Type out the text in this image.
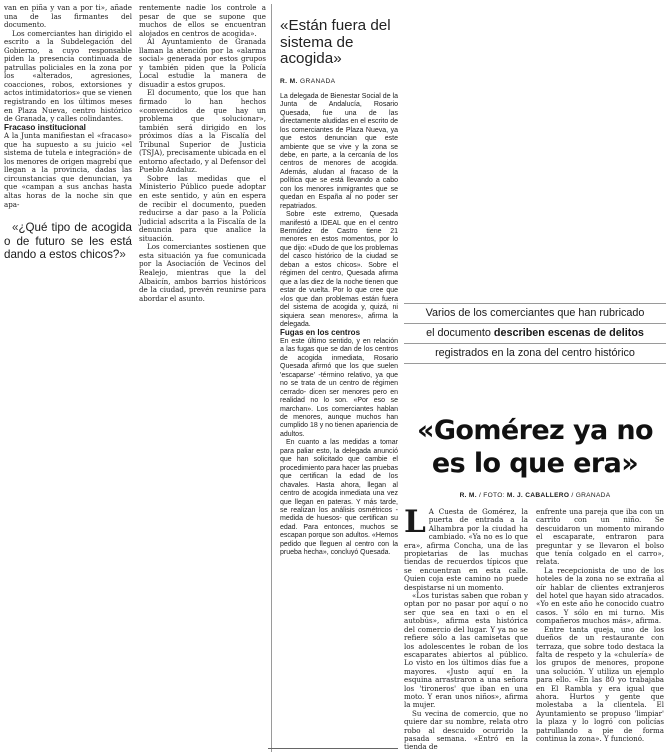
van en piña y van a por ti», añade una de las firmantes del documento.

Los comerciantes han dirigido el escrito a la Subdelegación del Gobierno, a cuyo responsable piden la presencia continuada de patrullas policiales en la zona por los «alterados, agresiones, coacciones, robos, extorsiones y actos intimidatorios» que se vienen registrando en los últimos meses en Plaza Nueva, centro histórico de Granada, y calles colindantes.

Fracaso institucional

A la Junta manifiestan el «fracaso» que ha supuesto a su juicio «el sistema de tutela e integración» de los menores de origen magrebí que llegan a la provincia, dadas las circunstancias que denuncian, ya que «campan a sus anchas hasta altas horas de la noche sin que apa-

«¿Qué tipo de acogida o de futuro se les está dando a estos chicos?»

rentemente nadie los controle a pesar de que se supone que muchos de ellos se encuentran alojados en centros de acogida».

Al Ayuntamiento de Granada llaman la atención por la «alarma social» generada por estos grupos y también piden que la Policía Local estudie la manera de disuadir a estos grupos.

El documento, que los que han firmado lo han hechos «convencidos de que hay un problema que solucionar», también será dirigido en los próximos días a la Fiscalía del Tribunal Superior de Justicia (TSJA), precisamente ubicada en el entorno afectado, y al Defensor del Pueblo Andaluz.

Sobre las medidas que el Ministerio Público puede adoptar en este sentido, y aún en espera de recibir el documento, pueden reducirse a dar paso a la Policía Judicial adscrita a la Fiscalía de la denuncia para que analice la situación.

Los comerciantes sostienen que esta situación ya fue comunicada por la Asociación de Vecinos del Realejo, mientras que la del Albaicín, ambos barrios históricos de la ciudad, prevén reunirse para abordar el asunto.

«Están fuera del sistema de acogida»
R. M. GRANADA

La delegada de Bienestar Social de la Junta de Andalucía, Rosario Quesada, fue una de las directamente aludidas en el escrito de los comerciantes de Plaza Nueva, ya que estos denuncian que este ambiente que se vive y la zona se debe, en parte, a la cercanía de los centros de menores de acogida. Además, aludan al fracaso de la política que se está llevando a cabo con los menores inmigrantes que se quedan en España al no poder ser repatriados.

Sobre este extremo, Quesada manifestó a IDEAL que en el centro Bermúdez de Castro tiene 21 menores en estos momentos, por lo que dijo: «Dudo de que los problemas del casco histórico de la ciudad se deban a estos chicos». Sobre el régimen del centro, Quesada afirma que a las diez de la noche tienen que estar de vuelta. Por lo que cree que «los que dan problemas están fuera del sistema de acogida y, quizá, ni siquiera sean menores», afirma la delegada.

Fugas en los centros

En este último sentido, y en relación a las fugas que se dan de los centros de acogida inmediata, Rosario Quesada afirmó que los que suelen 'escaparse' -término relativo, ya que no se trata de un centro de régimen cerrado- dicen ser menores pero en realidad no lo son. «Por eso se marchan». Los comerciantes hablan de menores, aunque muchos han cumplido 18 y no tienen apariencia de adultos.

En cuanto a las medidas a tomar para paliar esto, la delegada anunció que han solicitado que cambie el procedimiento para hacer las pruebas que certifican la edad de los chavales. Hasta ahora, llegan al centro de acogida inmediata una vez que llegan en pateras. Y más tarde, se realizan los análisis osmétricos -medida de huesos- que certifican su edad. Para entonces, muchos se escapan porque son adultos. «Hemos pedido que lleguen al centro con la prueba hecha», concluyó Quesada.

Varios de los comerciantes que han rubricado
el documento describen escenas de delitos
registrados en la zona del centro histórico
«Gomérez ya no
es lo que era»
R. M. / FOTO: M. J. CABALLERO / GRANADA

L A Cuesta de Gomérez, la puerta de entrada a la Alhambra por la ciudad ha cambiado. «Ya no es lo que era», afirma Concha, una de las propietarias de las muchas tiendas de recuerdos típicos que se encuentran en esta calle. Quien coja este camino no puede despistarse ni un momento.

«Los turistas saben que roban y optan por no pasar por aquí o no ser que sea en taxi o en el autobús», afirma esta histórica del comercio del lugar. Y ya no se refiere sólo a las camisetas que los adolescentes le roban de los escaparates abiertos al público. Lo visto en los últimos días fue a mayores. «Justo aquí en la esquina arrastraron a una señora los 'tironeros' que iban en una moto. Y eran unos niños», afirma la mujer.

Su vecina de comercio, que no quiere dar su nombre, relata otro robo al descuido ocurrido la pasada semana. «Entró en la tienda de

enfrente una pareja que iba con un carrito con un niño. Se descuidaron un momento mirando el escaparate, entraron para preguntar y se llevaron el bolso que tenía colgado en el carro», relata.

La recepcionista de uno de los hoteles de la zona no se extraña al oír hablar de clientes extranjeros del hotel que hayan sido atracados. «Yo en este año he conocido cuatro casos. Y sólo en mi turno. Mis compañeros muchos más», afirma.

Entre tanta queja, uno de los dueños de un restaurante con terraza, que sobre todo destaca la falta de respeto y la «chulería» de los grupos de menores, propone una solución. Y utiliza un ejemplo para ello. «En las 80 yo trabajaba en El Rambla y era igual que ahora. Hurtos y gente que molestaba a la clientela. El Ayuntamiento se propuso 'limpiar' la plaza y lo logró con policías patrullando a pie de forma continua la zona». Y funcionó.
